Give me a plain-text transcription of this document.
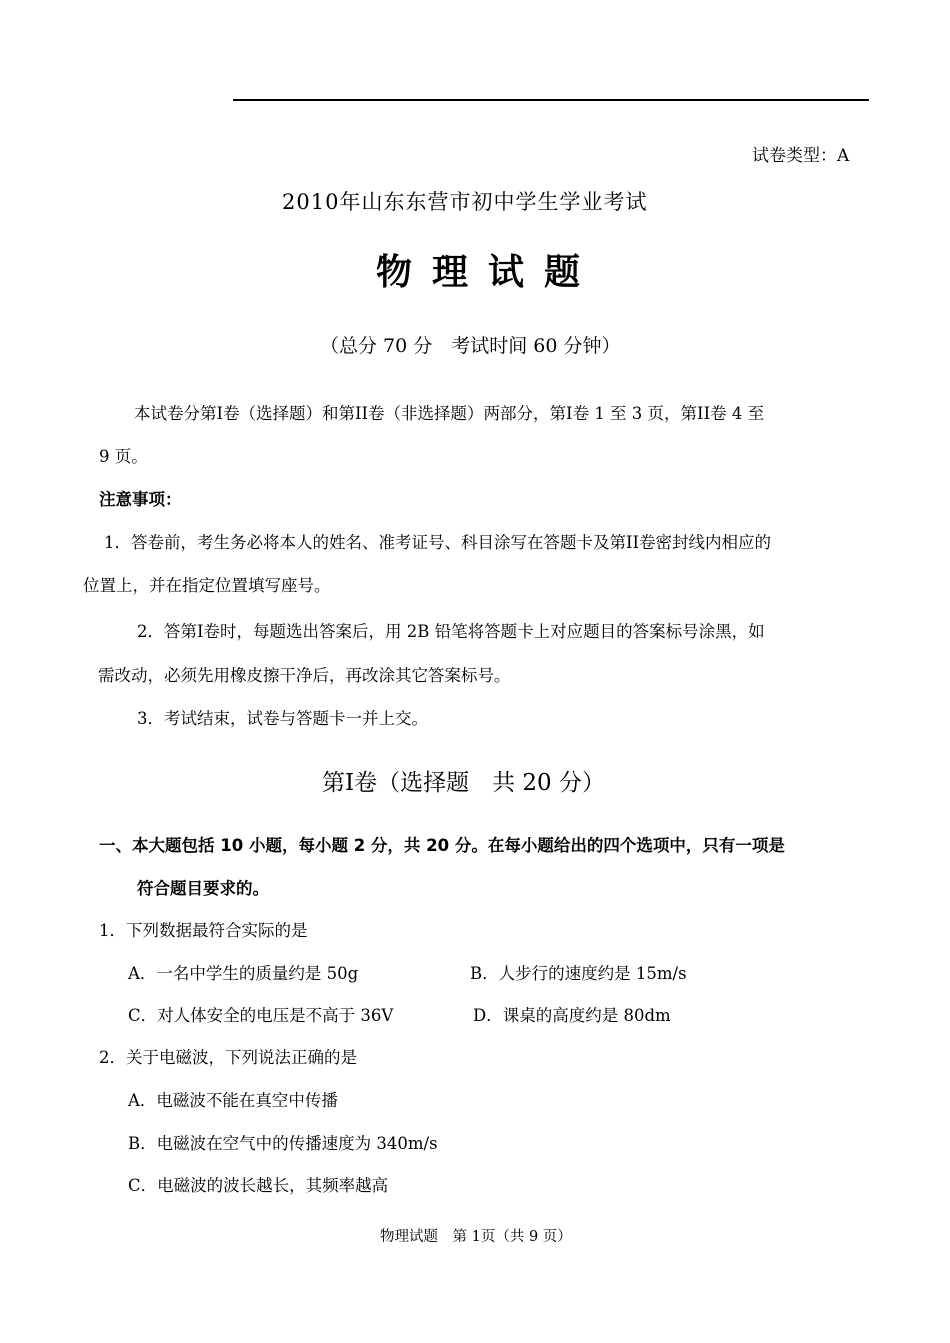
试卷类型：A
2010年山东东营市初中学生学业考试
物理试题
（总分 70 分　考试时间 60 分钟）
本试卷分第Ⅰ卷（选择题）和第II卷（非选择题）两部分，第Ⅰ卷 1 至 3 页，第II卷 4 至
9 页。
注意事项：
1．答卷前，考生务必将本人的姓名、准考证号、科目涂写在答题卡及第II卷密封线内相应的
位置上，并在指定位置填写座号。
2．答第Ⅰ卷时，每题选出答案后，用 2B 铅笔将答题卡上对应题目的答案标号涂黑，如
需改动，必须先用橡皮擦干净后，再改涂其它答案标号。
3．考试结束，试卷与答题卡一并上交。
第I卷（选择题　共 20 分）
一、本大题包括 10 小题，每小题 2 分，共 20 分。在每小题给出的四个选项中，只有一项是
符合题目要求的。
1．下列数据最符合实际的是
A．一名中学生的质量约是 50g	B．人步行的速度约是 15m/s
C．对人体安全的电压是不高于 36V	D．课桌的高度约是 80dm
2．关于电磁波，下列说法正确的是
A．电磁波不能在真空中传播
B．电磁波在空气中的传播速度为 340m/s
C．电磁波的波长越长，其频率越高
物理试题　第 1页（共 9 页）
